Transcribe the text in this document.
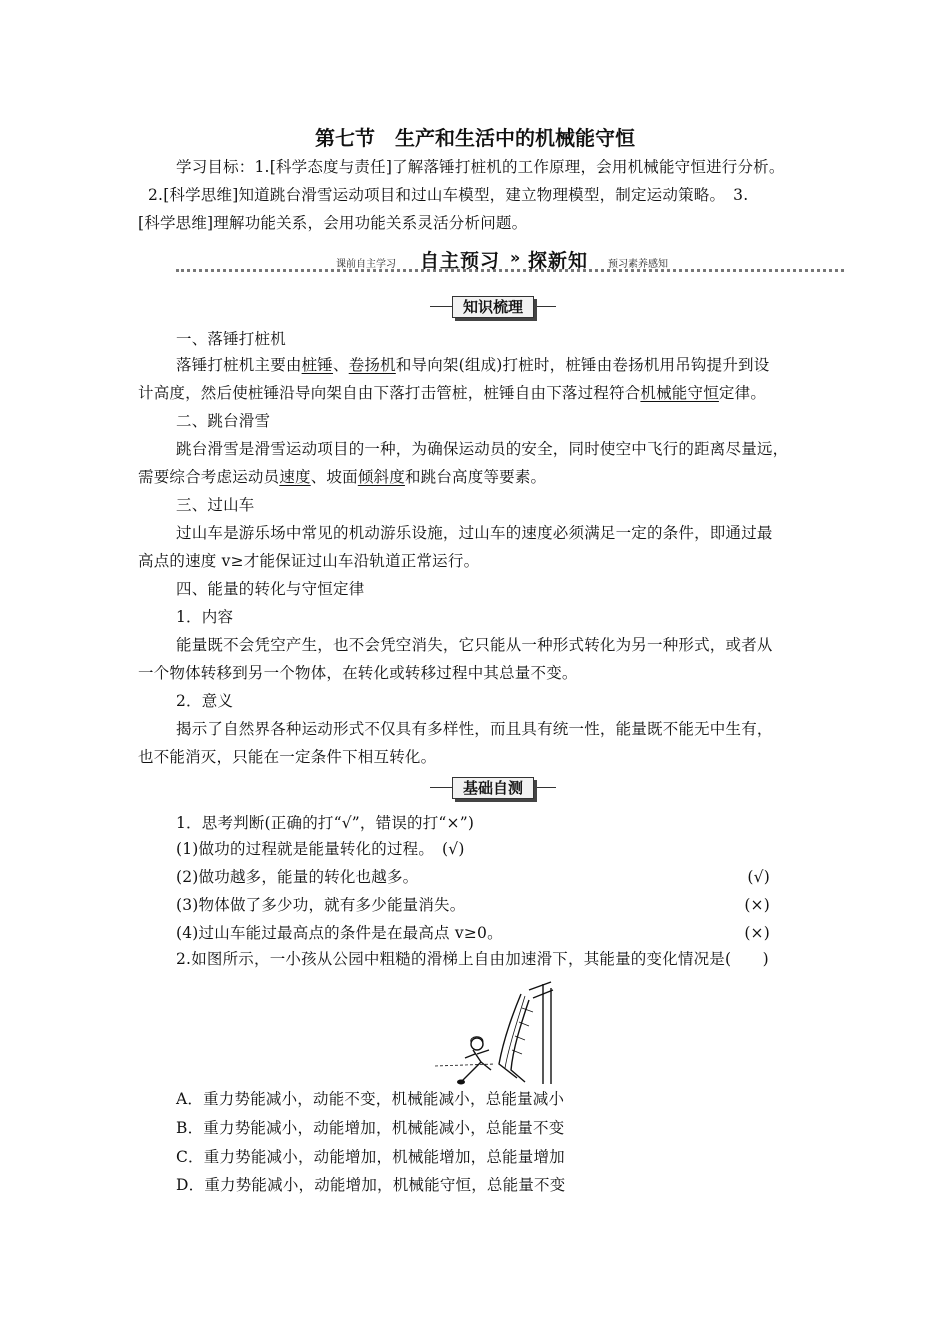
第七节　生产和生活中的机械能守恒
学习目标：1.[科学态度与责任]了解落锤打桩机的工作原理，会用机械能守恒进行分析。
2.[科学思维]知道跳台滑雪运动项目和过山车模型，建立物理模型，制定运动策略。　3.
[科学思维]理解功能关系，会用功能关系灵活分析问题。
课前自主学习 自主预习 » 探新知 预习素养感知
知识梳理
一、落锤打桩机
落锤打桩机主要由桩锤、卷扬机和导向架(组成)打桩时，桩锤由卷扬机用吊钩提升到设
计高度，然后使桩锤沿导向架自由下落打击管桩，桩锤自由下落过程符合机械能守恒定律。
二、跳台滑雪
跳台滑雪是滑雪运动项目的一种，为确保运动员的安全，同时使空中飞行的距离尽量远，
需要综合考虑运动员速度、坡面倾斜度和跳台高度等要素。
三、过山车
过山车是游乐场中常见的机动游乐设施，过山车的速度必须满足一定的条件，即通过最
高点的速度 v≥才能保证过山车沿轨道正常运行。
四、能量的转化与守恒定律
1．内容
能量既不会凭空产生，也不会凭空消失，它只能从一种形式转化为另一种形式，或者从
一个物体转移到另一个物体，在转化或转移过程中其总量不变。
2．意义
揭示了自然界各种运动形式不仅具有多样性，而且具有统一性，能量既不能无中生有，
也不能消灭，只能在一定条件下相互转化。
基础自测
1．思考判断(正确的打“√”，错误的打“×”)
(1)做功的过程就是能量转化的过程。　(√)
(2)做功越多，能量的转化也越多。	(√)
(3)物体做了多少功，就有多少能量消失。	(×)
(4)过山车能过最高点的条件是在最高点 v≥0。	(×)
2.如图所示，一小孩从公园中粗糙的滑梯上自由加速滑下，其能量的变化情况是(　　)
A．重力势能减小，动能不变，机械能减小，总能量减小
B．重力势能减小，动能增加，机械能减小，总能量不变
C．重力势能减小，动能增加，机械能增加，总能量增加
D．重力势能减小，动能增加，机械能守恒，总能量不变
